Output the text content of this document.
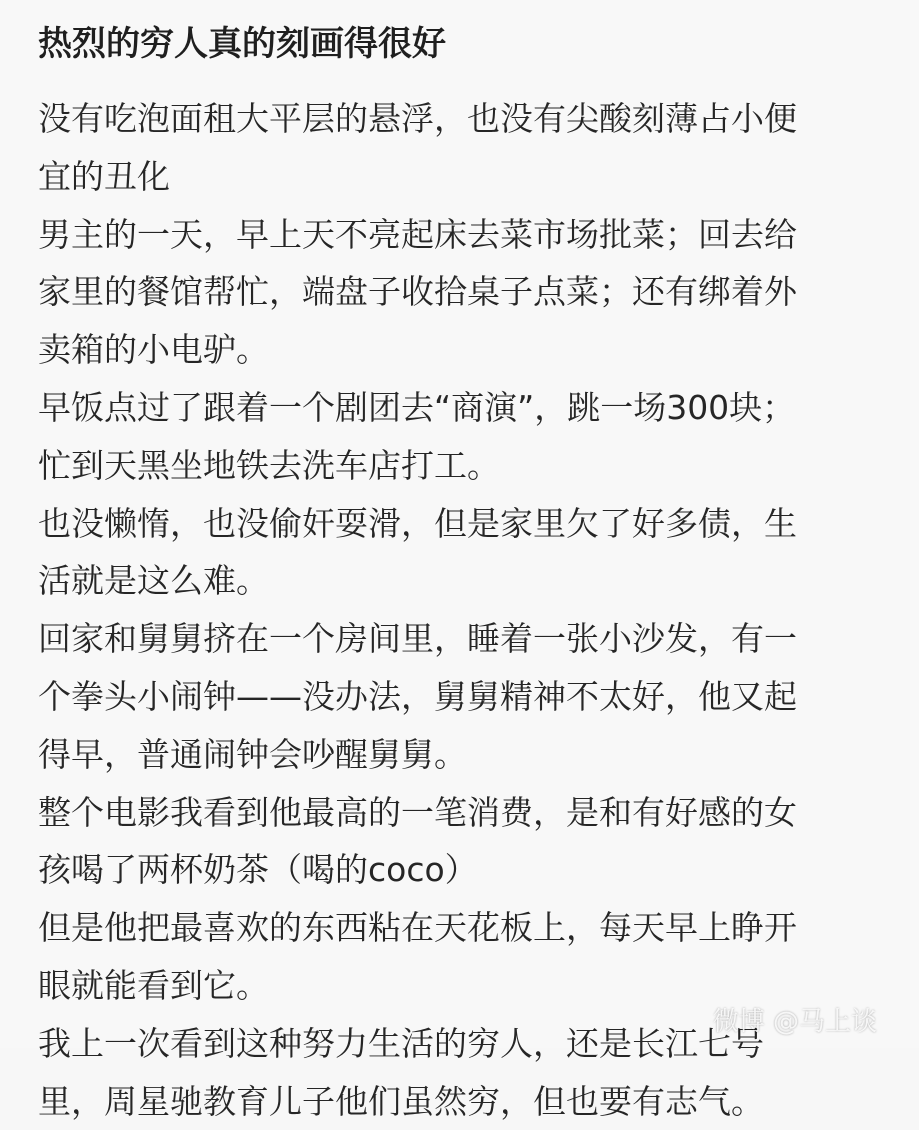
热烈的穷人真的刻画得很好
没有吃泡面租大平层的悬浮，也没有尖酸刻薄占小便
宜的丑化
男主的一天，早上天不亮起床去菜市场批菜；回去给
家里的餐馆帮忙，端盘子收拾桌子点菜；还有绑着外
卖箱的小电驴。
早饭点过了跟着一个剧团去“商演”，跳一场300块；
忙到天黑坐地铁去洗车店打工。
也没懒惰，也没偷奸耍滑，但是家里欠了好多债，生
活就是这么难。
回家和舅舅挤在一个房间里，睡着一张小沙发，有一
个拳头小闹钟——没办法，舅舅精神不太好，他又起
得早，普通闹钟会吵醒舅舅。
整个电影我看到他最高的一笔消费，是和有好感的女
孩喝了两杯奶茶（喝的coco）
但是他把最喜欢的东西粘在天花板上，每天早上睁开
眼就能看到它。
我上一次看到这种努力生活的穷人，还是长江七号
里，周星驰教育儿子他们虽然穷，但也要有志气。
微博 @马上谈
